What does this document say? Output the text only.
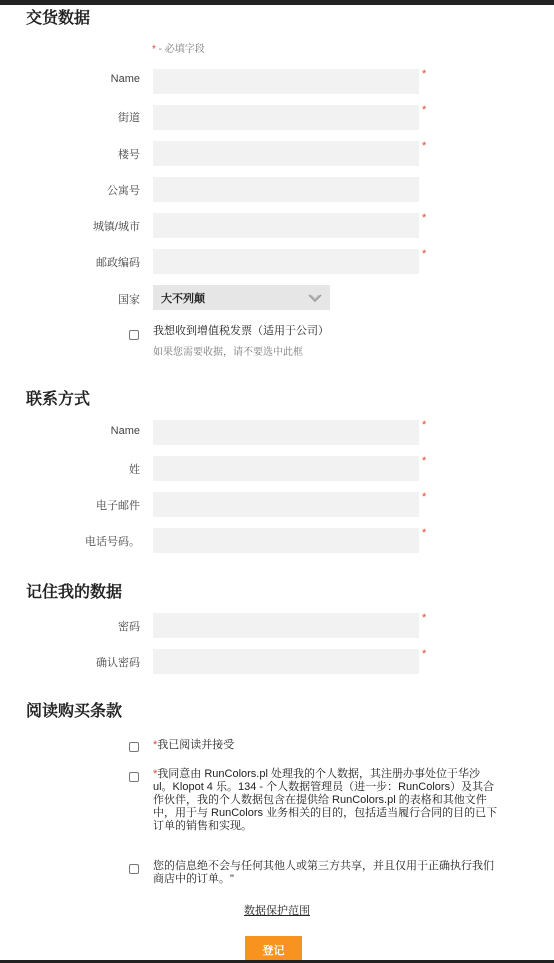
交货数据
* - 必填字段
Name	*
街道
*
楼号
*
公寓号
城镇/城市
*
邮政编码
*
国家 大不列颠
我想收到增值税发票（适用于公司）
如果您需要收据，请不要选中此框
联系方式
Name	*
姓
*
电子邮件
*
电话号码。
*
记住我的数据
密码
*
确认密码
*
阅读购买条款
*我已阅读并接受
*我同意由 RunColors.pl 处理我的个人数据，其注册办事处位于华沙 ul。Klopot 4 乐。134 - 个人数据管理员（进一步：RunColors）及其合作伙伴，我的个人数据包含在提供给 RunColors.pl 的表格和其他文件中，用于与 RunColors 业务相关的目的，包括适当履行合同的目的已下订单的销售和实现。
您的信息绝不会与任何其他人或第三方共享，并且仅用于正确执行我们商店中的订单。"
数据保护范围
登记
